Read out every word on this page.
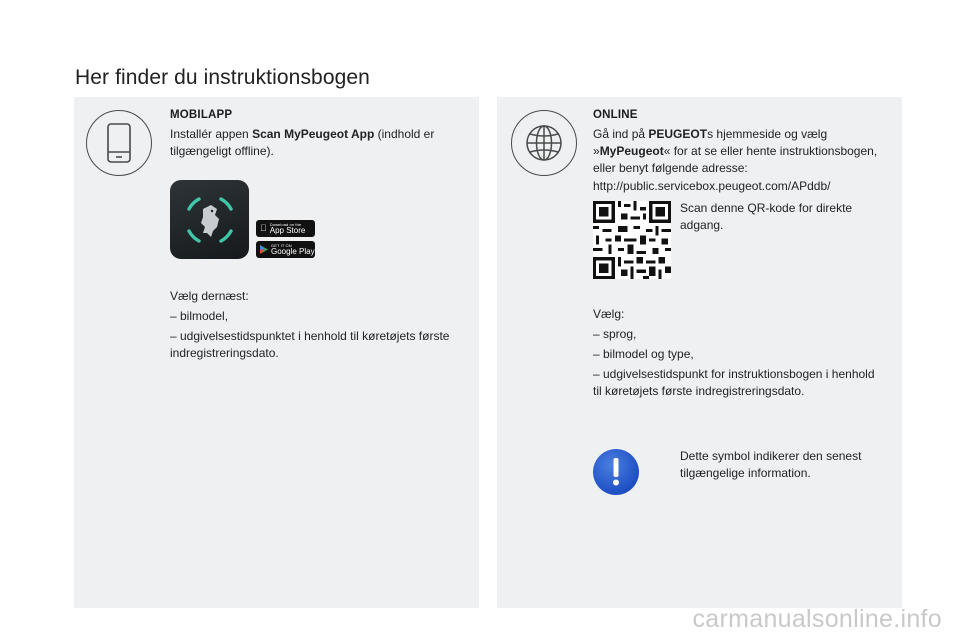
Her finder du instruktionsbogen
MOBILAPP
Installér appen Scan MyPeugeot App (indhold er
tilgængeligt offline).
Download on the
App Store
GET IT ON
Google Play
Vælg dernæst:
– bilmodel,
– udgivelsestidspunktet i henhold til køretøjets første
indregistreringsdato.
ONLINE
Gå ind på PEUGEOTs hjemmeside og vælg
»MyPeugeot« for at se eller hente instruktionsbogen,
eller benyt følgende adresse:
http://public.servicebox.peugeot.com/APddb/
Scan denne QR-kode for direkte
adgang.
Vælg:
– sprog,
– bilmodel og type,
– udgivelsestidspunkt for instruktionsbogen i henhold
til køretøjets første indregistreringsdato.
Dette symbol indikerer den senest
tilgængelige information.
carmanualsonline.info
